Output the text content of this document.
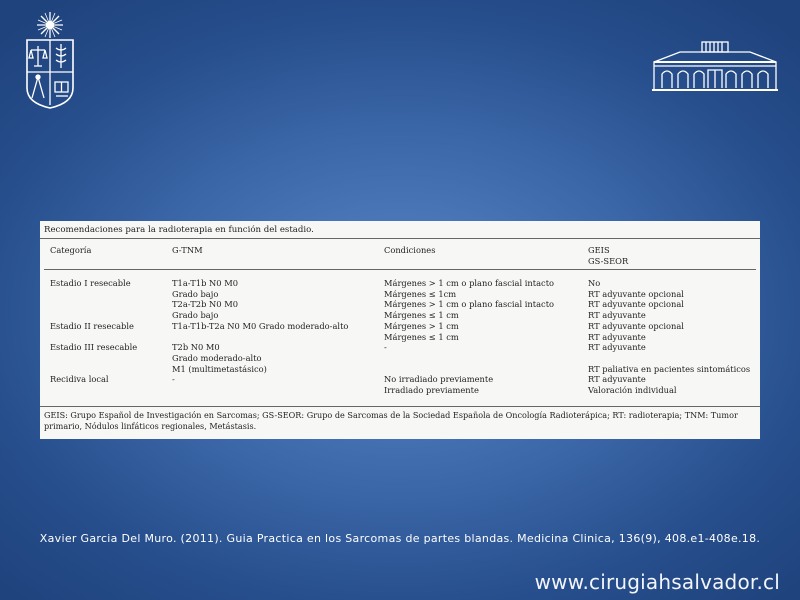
Recomendaciones para la radioterapia en función del estadio.
Categoría	G-TNM	Condiciones	GEIS
GS-SEOR

Estadio I resecable	T1a-T1b N0 M0	Márgenes > 1 cm o plano fascial intacto	No
	Grado bajo	Márgenes ≤ 1cm	RT adyuvante opcional
	T2a-T2b N0 M0	Márgenes > 1 cm o plano fascial intacto	RT adyuvante opcional
	Grado bajo	Márgenes ≤ 1 cm	RT adyuvante
Estadio II resecable	T1a-T1b-T2a N0 M0 Grado moderado-alto	Márgenes > 1 cm	RT adyuvante opcional
		Márgenes ≤ 1 cm	RT adyuvante
Estadio III resecable	T2b N0 M0	-	RT adyuvante
	Grado moderado-alto		
	M1 (multimetastásico)		RT paliativa en pacientes sintomáticos
Recidiva local	-	No irradiado previamente	RT adyuvante
		Irradiado previamente	Valoración individual
GEIS: Grupo Español de Investigación en Sarcomas; GS-SEOR: Grupo de Sarcomas de la Sociedad Española de Oncología Radioterápica; RT: radioterapia; TNM: Tumor primario, Nódulos linfáticos regionales, Metástasis.
Xavier Garcia Del Muro. (2011). Guia Practica en los Sarcomas de partes blandas. Medicina Clinica, 136(9), 408.e1-408e.18.
www.cirugiahsalvador.cl
